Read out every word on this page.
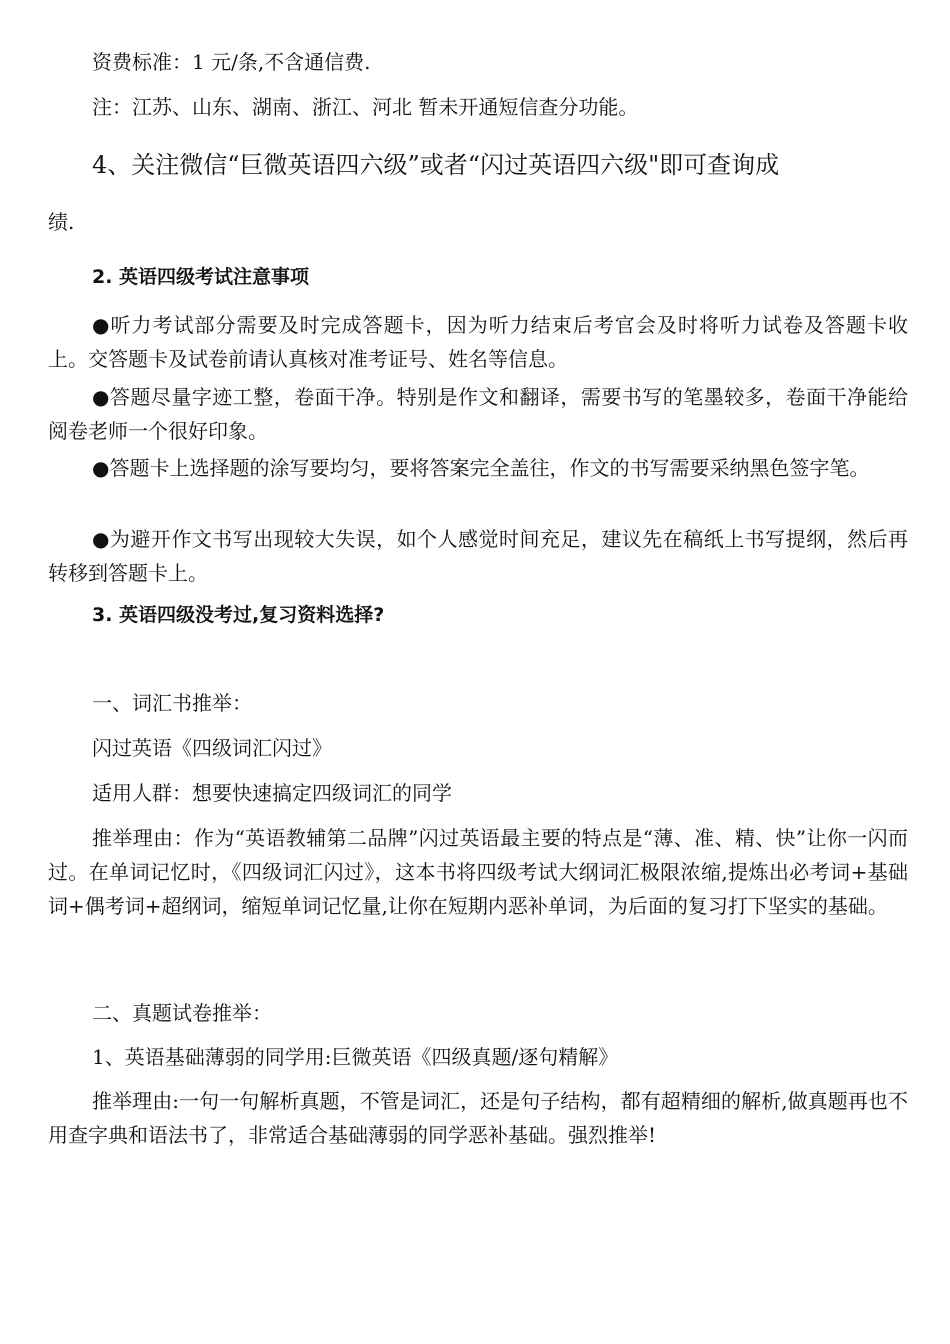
资费标准：1 元/条,不含通信费.
注：江苏、山东、湖南、浙江、河北 暂未开通短信查分功能。
4、关注微信“巨微英语四六级”或者“闪过英语四六级"即可查询成
绩.
2. 英语四级考试注意事项
●听力考试部分需要及时完成答题卡，因为听力结束后考官会及时将听力试卷及答题卡收上。交答题卡及试卷前请认真核对准考证号、姓名等信息。
●答题尽量字迹工整，卷面干净。特别是作文和翻译，需要书写的笔墨较多，卷面干净能给阅卷老师一个很好印象。
●答题卡上选择题的涂写要均匀，要将答案完全盖往，作文的书写需要采纳黑色签字笔。
●为避开作文书写出现较大失误，如个人感觉时间充足，建议先在稿纸上书写提纲，然后再转移到答题卡上。
3. 英语四级没考过,复习资料选择?
一、词汇书推举：
闪过英语《四级词汇闪过》
适用人群：想要快速搞定四级词汇的同学
推举理由：作为“英语教辅第二品牌”闪过英语最主要的特点是“薄、准、精、快”让你一闪而过。在单词记忆时，《四级词汇闪过》，这本书将四级考试大纲词汇极限浓缩,提炼出必考词+基础词+偶考词+超纲词，缩短单词记忆量,让你在短期内恶补单词，为后面的复习打下坚实的基础。
二、真题试卷推举：
1、英语基础薄弱的同学用:巨微英语《四级真题/逐句精解》
推举理由:一句一句解析真题，不管是词汇，还是句子结构，都有超精细的解析,做真题再也不用查字典和语法书了，非常适合基础薄弱的同学恶补基础。强烈推举!
